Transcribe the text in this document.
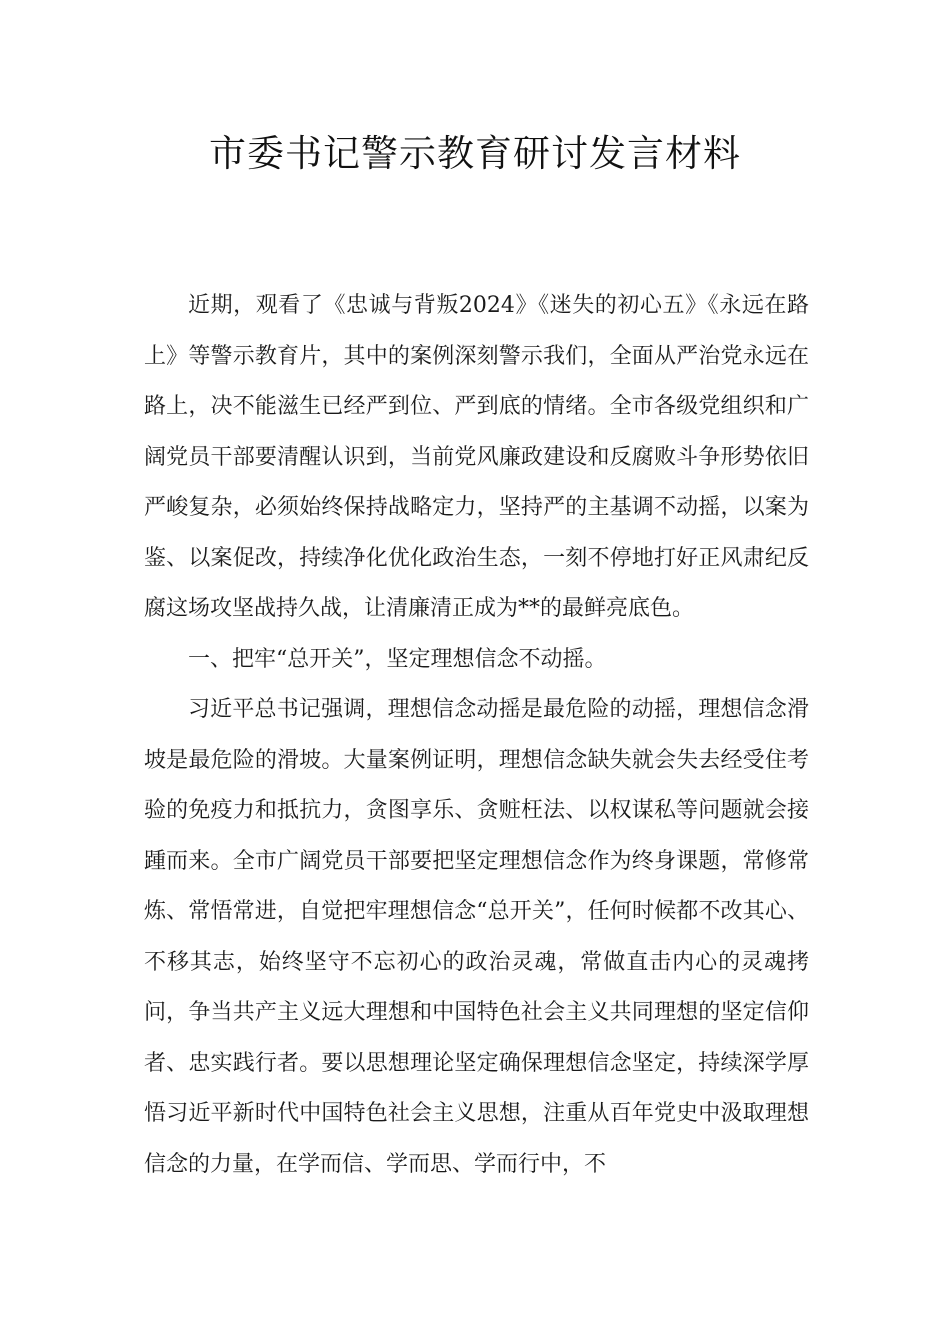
市委书记警示教育研讨发言材料

近期，观看了《忠诚与背叛2024》《迷失的初心五》《永远在路上》等警示教育片，其中的案例深刻警示我们，全面从严治党永远在路上，决不能滋生已经严到位、严到底的情绪。全市各级党组织和广阔党员干部要清醒认识到，当前党风廉政建设和反腐败斗争形势依旧严峻复杂，必须始终保持战略定力，坚持严的主基调不动摇，以案为鉴、以案促改，持续净化优化政治生态，一刻不停地打好正风肃纪反腐这场攻坚战持久战，让清廉清正成为**的最鲜亮底色。

一、把牢“总开关”，坚定理想信念不动摇。

习近平总书记强调，理想信念动摇是最危险的动摇，理想信念滑坡是最危险的滑坡。大量案例证明，理想信念缺失就会失去经受住考验的免疫力和抵抗力，贪图享乐、贪赃枉法、以权谋私等问题就会接踵而来。全市广阔党员干部要把坚定理想信念作为终身课题，常修常炼、常悟常进，自觉把牢理想信念“总开关”，任何时候都不改其心、不移其志，始终坚守不忘初心的政治灵魂，常做直击内心的灵魂拷问，争当共产主义远大理想和中国特色社会主义共同理想的坚定信仰者、忠实践行者。要以思想理论坚定确保理想信念坚定，持续深学厚悟习近平新时代中国特色社会主义思想，注重从百年党史中汲取理想信念的力量，在学而信、学而思、学而行中，不
